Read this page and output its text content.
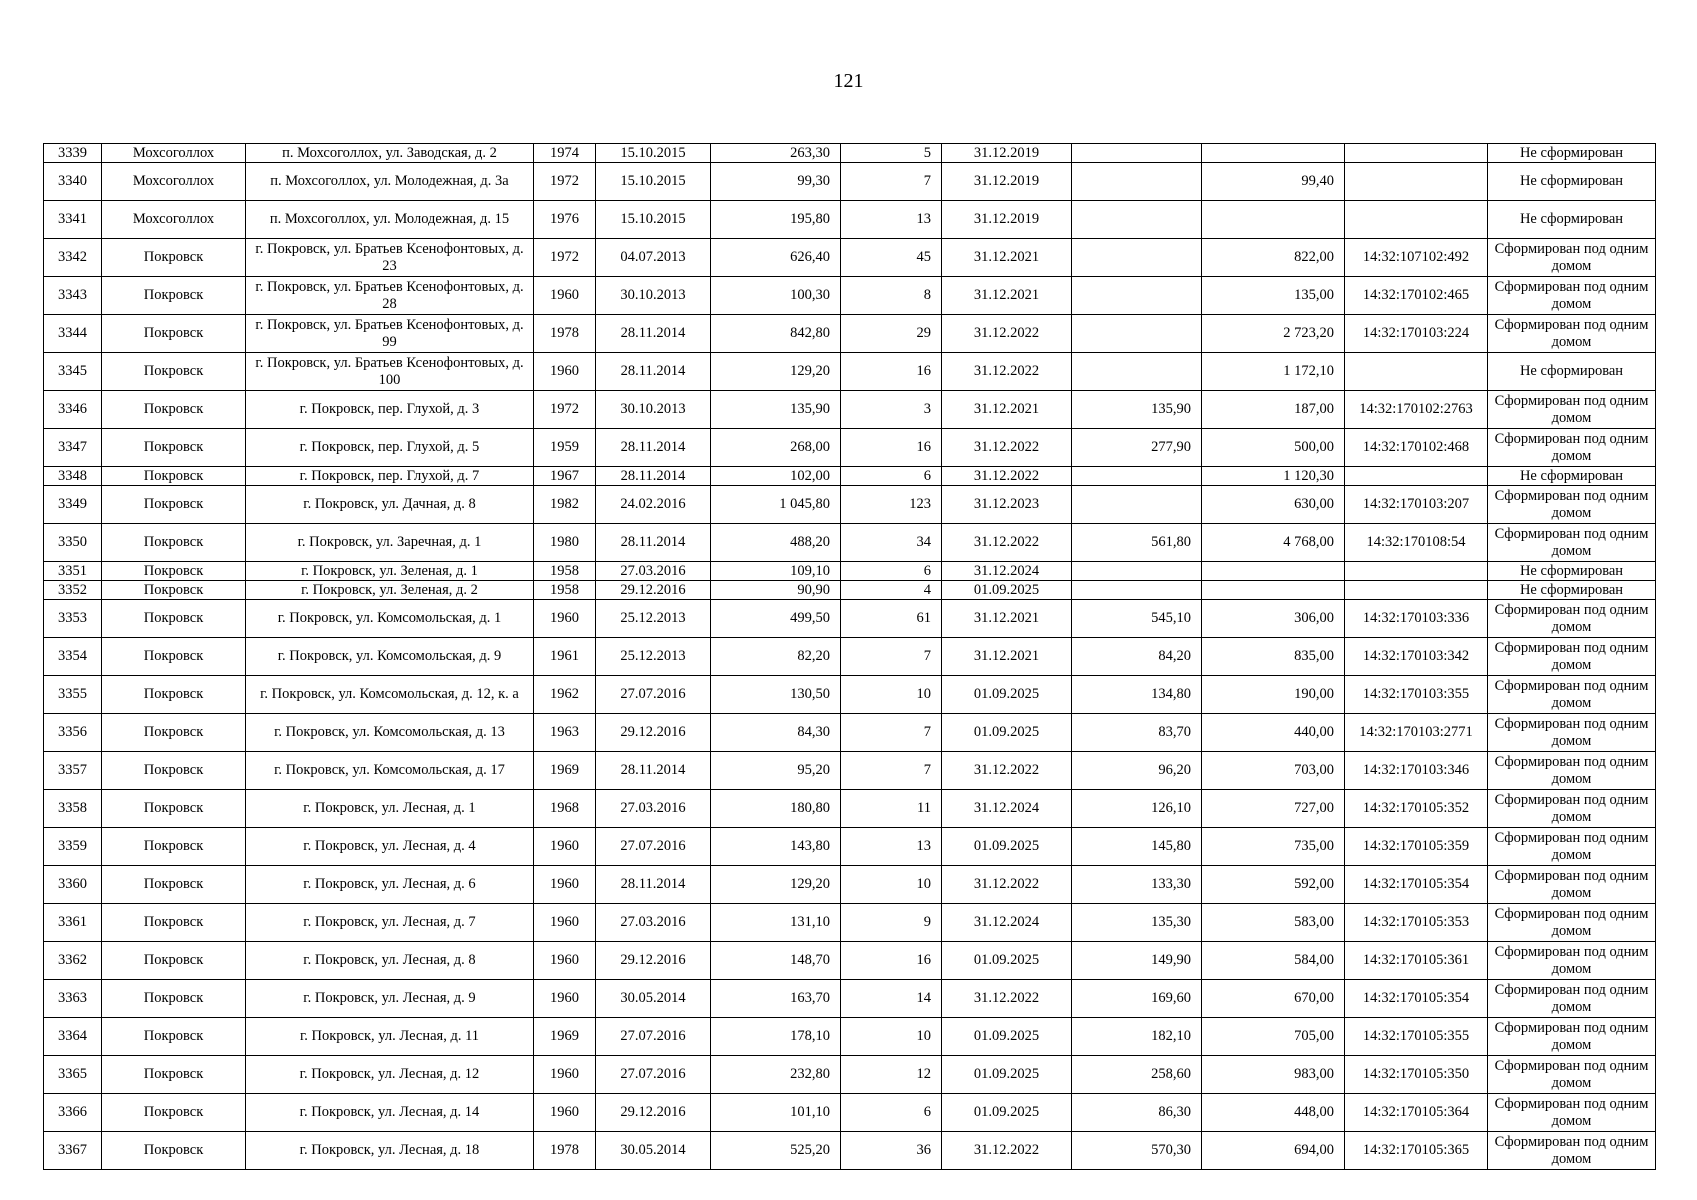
121
3339	Мохсоголлох	п. Мохсоголлох, ул. Заводская, д. 2	1974	15.10.2015	263,30	5	31.12.2019				Не сформирован
3340	Мохсоголлох	п. Мохсоголлох, ул. Молодежная, д. 3а	1972	15.10.2015	99,30	7	31.12.2019		99,40		Не сформирован
3341	Мохсоголлох	п. Мохсоголлох, ул. Молодежная, д. 15	1976	15.10.2015	195,80	13	31.12.2019				Не сформирован
3342	Покровск	г. Покровск, ул. Братьев Ксенофонтовых, д. 23	1972	04.07.2013	626,40	45	31.12.2021		822,00	14:32:107102:492	Сформирован под одним домом
3343	Покровск	г. Покровск, ул. Братьев Ксенофонтовых, д. 28	1960	30.10.2013	100,30	8	31.12.2021		135,00	14:32:170102:465	Сформирован под одним домом
3344	Покровск	г. Покровск, ул. Братьев Ксенофонтовых, д. 99	1978	28.11.2014	842,80	29	31.12.2022		2 723,20	14:32:170103:224	Сформирован под одним домом
3345	Покровск	г. Покровск, ул. Братьев Ксенофонтовых, д. 100	1960	28.11.2014	129,20	16	31.12.2022		1 172,10		Не сформирован
3346	Покровск	г. Покровск, пер. Глухой, д. 3	1972	30.10.2013	135,90	3	31.12.2021	135,90	187,00	14:32:170102:2763	Сформирован под одним домом
3347	Покровск	г. Покровск, пер. Глухой, д. 5	1959	28.11.2014	268,00	16	31.12.2022	277,90	500,00	14:32:170102:468	Сформирован под одним домом
3348	Покровск	г. Покровск, пер. Глухой, д. 7	1967	28.11.2014	102,00	6	31.12.2022		1 120,30		Не сформирован
3349	Покровск	г. Покровск, ул. Дачная, д. 8	1982	24.02.2016	1 045,80	123	31.12.2023		630,00	14:32:170103:207	Сформирован под одним домом
3350	Покровск	г. Покровск, ул. Заречная, д. 1	1980	28.11.2014	488,20	34	31.12.2022	561,80	4 768,00	14:32:170108:54	Сформирован под одним домом
3351	Покровск	г. Покровск, ул. Зеленая, д. 1	1958	27.03.2016	109,10	6	31.12.2024				Не сформирован
3352	Покровск	г. Покровск, ул. Зеленая, д. 2	1958	29.12.2016	90,90	4	01.09.2025				Не сформирован
3353	Покровск	г. Покровск, ул. Комсомольская, д. 1	1960	25.12.2013	499,50	61	31.12.2021	545,10	306,00	14:32:170103:336	Сформирован под одним домом
3354	Покровск	г. Покровск, ул. Комсомольская, д. 9	1961	25.12.2013	82,20	7	31.12.2021	84,20	835,00	14:32:170103:342	Сформирован под одним домом
3355	Покровск	г. Покровск, ул. Комсомольская, д. 12, к. а	1962	27.07.2016	130,50	10	01.09.2025	134,80	190,00	14:32:170103:355	Сформирован под одним домом
3356	Покровск	г. Покровск, ул. Комсомольская, д. 13	1963	29.12.2016	84,30	7	01.09.2025	83,70	440,00	14:32:170103:2771	Сформирован под одним домом
3357	Покровск	г. Покровск, ул. Комсомольская, д. 17	1969	28.11.2014	95,20	7	31.12.2022	96,20	703,00	14:32:170103:346	Сформирован под одним домом
3358	Покровск	г. Покровск, ул. Лесная, д. 1	1968	27.03.2016	180,80	11	31.12.2024	126,10	727,00	14:32:170105:352	Сформирован под одним домом
3359	Покровск	г. Покровск, ул. Лесная, д. 4	1960	27.07.2016	143,80	13	01.09.2025	145,80	735,00	14:32:170105:359	Сформирован под одним домом
3360	Покровск	г. Покровск, ул. Лесная, д. 6	1960	28.11.2014	129,20	10	31.12.2022	133,30	592,00	14:32:170105:354	Сформирован под одним домом
3361	Покровск	г. Покровск, ул. Лесная, д. 7	1960	27.03.2016	131,10	9	31.12.2024	135,30	583,00	14:32:170105:353	Сформирован под одним домом
3362	Покровск	г. Покровск, ул. Лесная, д. 8	1960	29.12.2016	148,70	16	01.09.2025	149,90	584,00	14:32:170105:361	Сформирован под одним домом
3363	Покровск	г. Покровск, ул. Лесная, д. 9	1960	30.05.2014	163,70	14	31.12.2022	169,60	670,00	14:32:170105:354	Сформирован под одним домом
3364	Покровск	г. Покровск, ул. Лесная, д. 11	1969	27.07.2016	178,10	10	01.09.2025	182,10	705,00	14:32:170105:355	Сформирован под одним домом
3365	Покровск	г. Покровск, ул. Лесная, д. 12	1960	27.07.2016	232,80	12	01.09.2025	258,60	983,00	14:32:170105:350	Сформирован под одним домом
3366	Покровск	г. Покровск, ул. Лесная, д. 14	1960	29.12.2016	101,10	6	01.09.2025	86,30	448,00	14:32:170105:364	Сформирован под одним домом
3367	Покровск	г. Покровск, ул. Лесная, д. 18	1978	30.05.2014	525,20	36	31.12.2022	570,30	694,00	14:32:170105:365	Сформирован под одним домом
